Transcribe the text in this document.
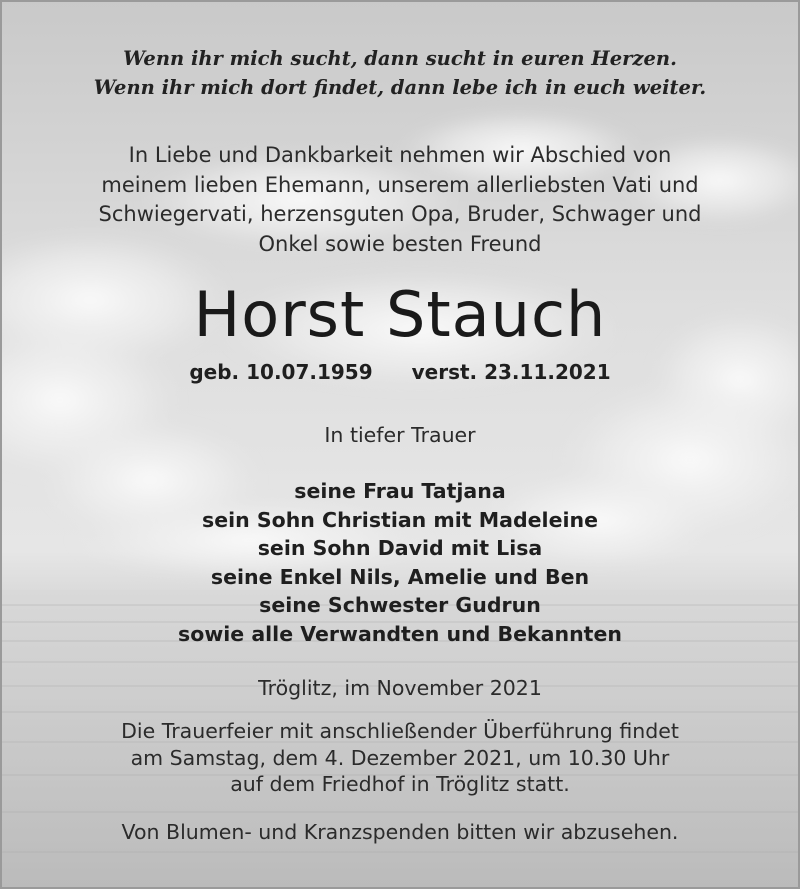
Wenn ihr mich sucht, dann sucht in euren Herzen.
Wenn ihr mich dort findet, dann lebe ich in euch weiter.
In Liebe und Dankbarkeit nehmen wir Abschied von
meinem lieben Ehemann, unserem allerliebsten Vati und
Schwiegervati, herzensguten Opa, Bruder, Schwager und
Onkel sowie besten Freund
Horst Stauch
geb. 10.07.1959 verst. 23.11.2021
In tiefer Trauer
seine Frau Tatjana
sein Sohn Christian mit Madeleine
sein Sohn David mit Lisa
seine Enkel Nils, Amelie und Ben
seine Schwester Gudrun
sowie alle Verwandten und Bekannten
Tröglitz, im November 2021
Die Trauerfeier mit anschließender Überführung findet
am Samstag, dem 4. Dezember 2021, um 10.30 Uhr
auf dem Friedhof in Tröglitz statt.
Von Blumen- und Kranzspenden bitten wir abzusehen.
